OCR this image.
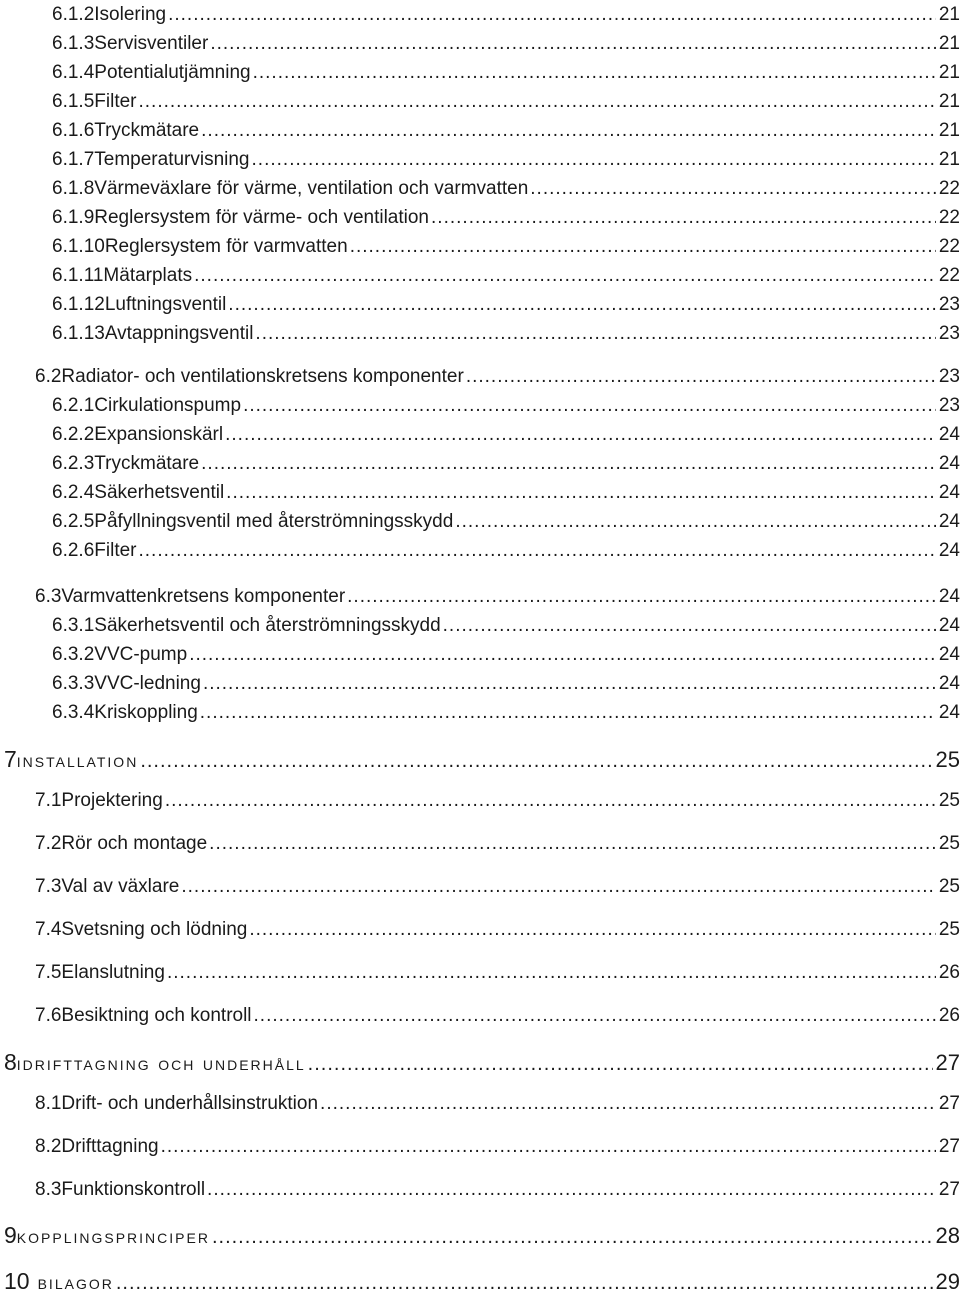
6.1.2 Isolering .....	21
6.1.3 Servisventiler .....	21
6.1.4 Potentialutjämning .....	21
6.1.5 Filter .....	21
6.1.6 Tryckmätare .....	21
6.1.7 Temperaturvisning .....	21
6.1.8 Värmeväxlare för värme, ventilation och varmvatten .....	22
6.1.9 Reglersystem för värme- och ventilation .....	22
6.1.10 Reglersystem för varmvatten .....	22
6.1.11 Mätarplats .....	22
6.1.12 Luftningsventil .....	23
6.1.13 Avtappningsventil .....	23
6.2 Radiator- och ventilationskretsens komponenter .....	23
6.2.1 Cirkulationspump .....	23
6.2.2 Expansionskärl .....	24
6.2.3 Tryckmätare .....	24
6.2.4 Säkerhetsventil .....	24
6.2.5 Påfyllningsventil med återströmningsskydd .....	24
6.2.6 Filter .....	24
6.3 Varmvattenkretsens komponenter .....	24
6.3.1 Säkerhetsventil och återströmningsskydd .....	24
6.3.2 VVC-pump .....	24
6.3.3 VVC-ledning .....	24
6.3.4 Kriskoppling .....	24
7 installation .....	25
7.1 Projektering .....	25
7.2 Rör och montage .....	25
7.3 Val av växlare .....	25
7.4 Svetsning och lödning .....	25
7.5 Elanslutning .....	26
7.6 Besiktning och kontroll .....	26
8 idrifttagning och underhåll .....	27
8.1 Drift- och underhållsinstruktion .....	27
8.2 Drifttagning .....	27
8.3 Funktionskontroll .....	27
9 kopplingsprinciper .....	28
10 bilagor .....	29
